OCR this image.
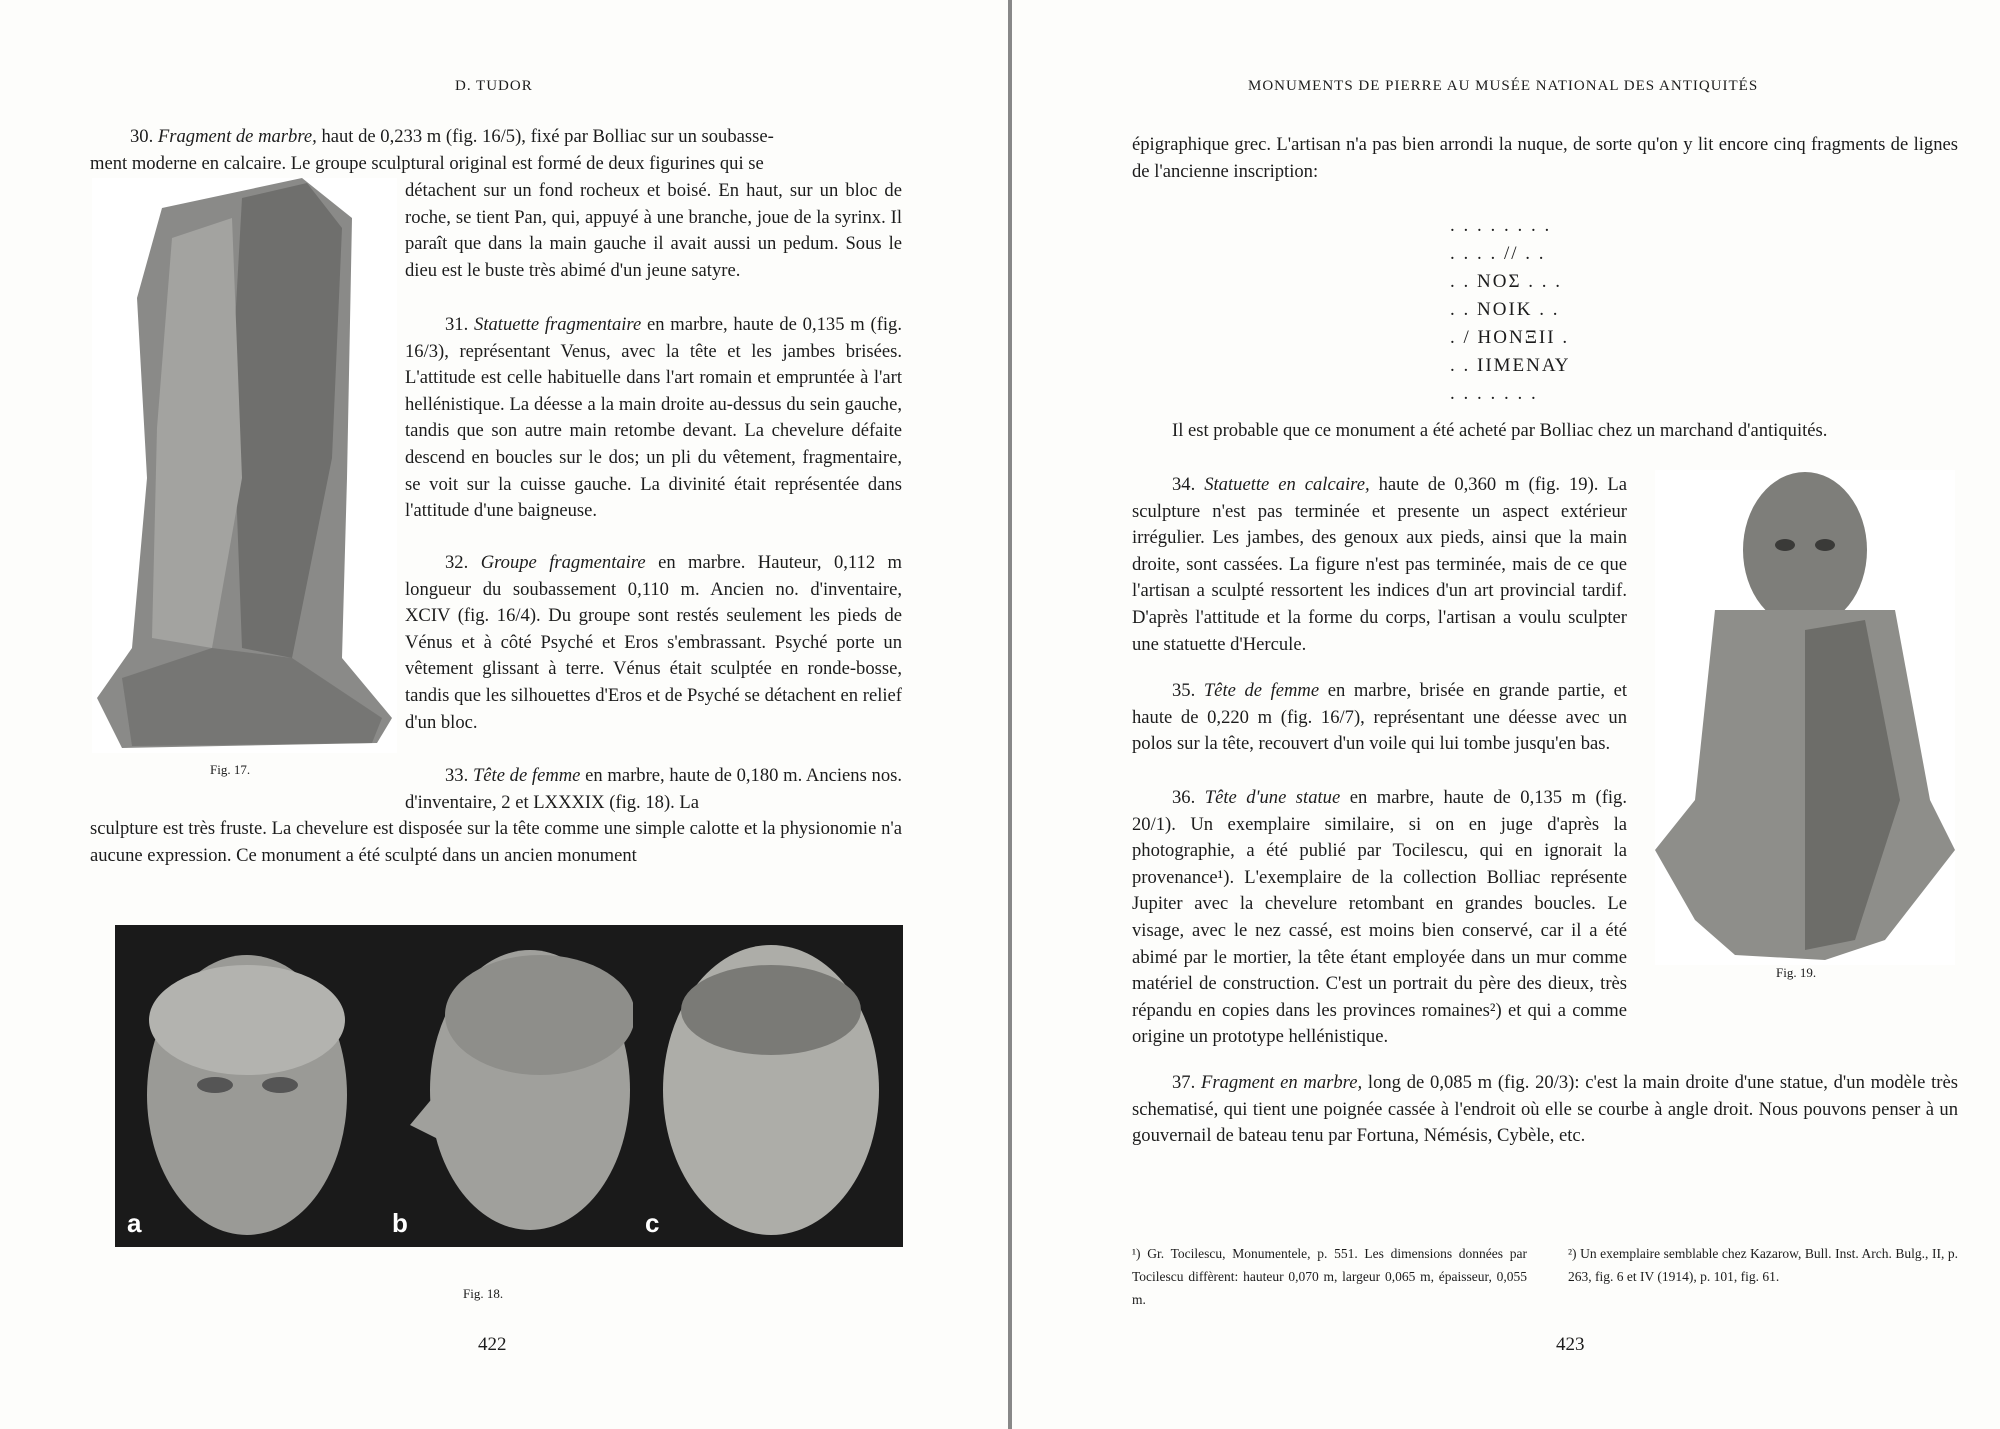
D. TUDOR
30. Fragment de marbre, haut de 0,233 m (fig. 16/5), fixé par Bolliac sur un soubasse-
ment moderne en calcaire. Le groupe sculptural original est formé de deux figurines qui se
Fig. 17.
détachent sur un fond rocheux et boisé. En haut, sur un bloc de roche, se tient Pan, qui, appuyé à une branche, joue de la syrinx. Il paraît que dans la main gauche il avait aussi un pedum. Sous le dieu est le buste très abimé d'un jeune satyre.
31. Statuette fragmentaire en marbre, haute de 0,135 m (fig. 16/3), représentant Venus, avec la tête et les jambes brisées. L'attitude est celle habituelle dans l'art romain et empruntée à l'art hellénistique. La déesse a la main droite au-dessus du sein gauche, tandis que son autre main retombe devant. La chevelure défaite descend en boucles sur le dos; un pli du vêtement, fragmentaire, se voit sur la cuisse gauche. La divinité était représentée dans l'attitude d'une baigneuse.
32. Groupe fragmentaire en marbre. Hauteur, 0,112 m longueur du soubassement 0,110 m. Ancien no. d'inventaire, XCIV (fig. 16/4). Du groupe sont restés seulement les pieds de Vénus et à côté Psyché et Eros s'embrassant. Psyché porte un vêtement glissant à terre. Vénus était sculptée en ronde-bosse, tandis que les silhouettes d'Eros et de Psyché se détachent en relief d'un bloc.
33. Tête de femme en marbre, haute de 0,180 m. Anciens nos. d'inventaire, 2 et LXXXIX (fig. 18). La
sculpture est très fruste. La chevelure est disposée sur la tête comme une simple calotte et la physionomie n'a aucune expression. Ce monument a été sculpté dans un ancien monument
a	b	c
Fig. 18.
422
MONUMENTS DE PIERRE AU MUSÉE NATIONAL DES ANTIQUITÉS
épigraphique grec. L'artisan n'a pas bien arrondi la nuque, de sorte qu'on y lit encore cinq fragments de lignes de l'ancienne inscription:
423
. . . . . . . .
. . . . // . .
. . ΝΟΣ . . .
. . ΝΟΙΚ . .
. / ΗΟΝΞΙΙ .
. . ΙΙΜΕΝΑΥ
. . . . . . .
Il est probable que ce monument a été acheté par Bolliac chez un marchand d'antiquités.
34. Statuette en calcaire, haute de 0,360 m (fig. 19). La sculpture n'est pas terminée et presente un aspect extérieur irrégulier. Les jambes, des genoux aux pieds, ainsi que la main droite, sont cassées. La figure n'est pas terminée, mais de ce que l'artisan a sculpté ressortent les indices d'un art provincial tardif. D'après l'attitude et la forme du corps, l'artisan a voulu sculpter une statuette d'Hercule.
Fig. 19.
35. Tête de femme en marbre, brisée en grande partie, et haute de 0,220 m (fig. 16/7), représentant une déesse avec un polos sur la tête, recouvert d'un voile qui lui tombe jusqu'en bas.
36. Tête d'une statue en marbre, haute de 0,135 m (fig. 20/1). Un exemplaire similaire, si on en juge d'après la photographie, a été publié par Tocilescu, qui en ignorait la provenance¹). L'exemplaire de la collection Bolliac représente Jupiter avec la chevelure retombant en grandes boucles. Le visage, avec le nez cassé, est moins bien conservé, car il a été abimé par le mortier, la tête étant employée dans un mur comme matériel de construction. C'est un portrait du père des dieux, très répandu en copies dans les provinces romaines²) et qui a comme origine un prototype hellénistique.
37. Fragment en marbre, long de 0,085 m (fig. 20/3): c'est la main droite d'une statue, d'un modèle très schematisé, qui tient une poignée cassée à l'endroit où elle se courbe à angle droit. Nous pouvons penser à un gouvernail de bateau tenu par Fortuna, Némésis, Cybèle, etc.
¹) Gr. Tocilescu, Monumentele, p. 551. Les dimensions données par Tocilescu diffèrent: hauteur 0,070 m, largeur 0,065 m, épaisseur, 0,055 m.
²) Un exemplaire semblable chez Kazarow, Bull. Inst. Arch. Bulg., II, p. 263, fig. 6 et IV (1914), p. 101, fig. 61.
